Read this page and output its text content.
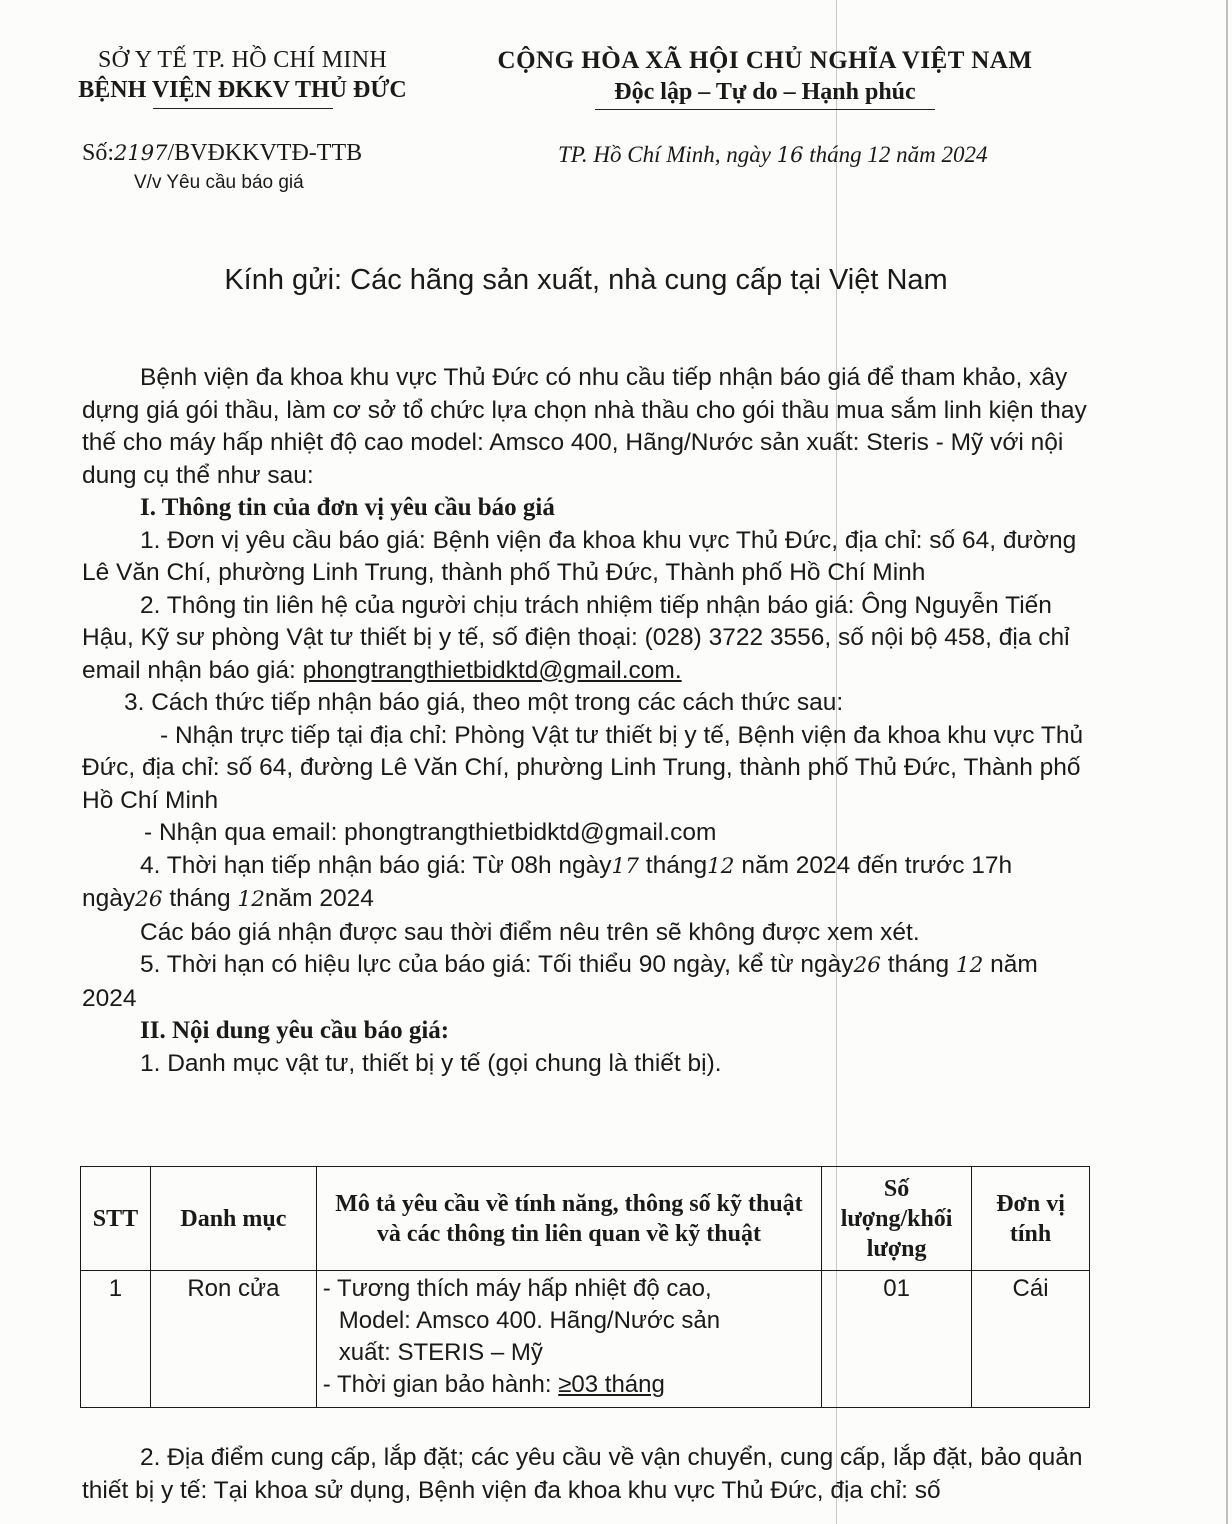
SỞ Y TẾ TP. HỒ CHÍ MINH
BỆNH VIỆN ĐKKV THỦ ĐỨC
CỘNG HÒA XÃ HỘI CHỦ NGHĨA VIỆT NAM
Độc lập – Tự do – Hạnh phúc
Số:2197/BVĐKKVTĐ-TTB
V/v Yêu cầu báo giá
TP. Hồ Chí Minh, ngày 16 tháng 12 năm 2024
Kính gửi: Các hãng sản xuất, nhà cung cấp tại Việt Nam

Bệnh viện đa khoa khu vực Thủ Đức có nhu cầu tiếp nhận báo giá để tham khảo, xây dựng giá gói thầu, làm cơ sở tổ chức lựa chọn nhà thầu cho gói thầu mua sắm linh kiện thay thế cho máy hấp nhiệt độ cao model: Amsco 400, Hãng/Nước sản xuất: Steris - Mỹ với nội dung cụ thể như sau:

I. Thông tin của đơn vị yêu cầu báo giá

1. Đơn vị yêu cầu báo giá: Bệnh viện đa khoa khu vực Thủ Đức, địa chỉ: số 64, đường Lê Văn Chí, phường Linh Trung, thành phố Thủ Đức, Thành phố Hồ Chí Minh

2. Thông tin liên hệ của người chịu trách nhiệm tiếp nhận báo giá: Ông Nguyễn Tiến Hậu, Kỹ sư phòng Vật tư thiết bị y tế, số điện thoại: (028) 3722 3556, số nội bộ 458, địa chỉ email nhận báo giá: phongtrangthietbidktd@gmail.com.

3. Cách thức tiếp nhận báo giá, theo một trong các cách thức sau:

- Nhận trực tiếp tại địa chỉ: Phòng Vật tư thiết bị y tế, Bệnh viện đa khoa khu vực Thủ Đức, địa chỉ: số 64, đường Lê Văn Chí, phường Linh Trung, thành phố Thủ Đức, Thành phố Hồ Chí Minh

- Nhận qua email: phongtrangthietbidktd@gmail.com

4. Thời hạn tiếp nhận báo giá: Từ 08h ngày17 tháng12 năm 2024 đến trước 17h ngày26 tháng 12năm 2024

Các báo giá nhận được sau thời điểm nêu trên sẽ không được xem xét.

5. Thời hạn có hiệu lực của báo giá: Tối thiểu 90 ngày, kể từ ngày26 tháng 12 năm 2024

II. Nội dung yêu cầu báo giá:

1. Danh mục vật tư, thiết bị y tế (gọi chung là thiết bị).

STT	Danh mục	Mô tả yêu cầu về tính năng, thông số kỹ thuật và các thông tin liên quan về kỹ thuật	Số lượng/khối lượng	Đơn vị tính
1	Ron cửa	- Tương thích máy hấp nhiệt độ cao,
Model: Amsco 400. Hãng/Nước sản
xuất: STERIS – Mỹ
- Thời gian bảo hành: ≥03 tháng	01	Cái

2. Địa điểm cung cấp, lắp đặt; các yêu cầu về vận chuyển, cung cấp, lắp đặt, bảo quản thiết bị y tế: Tại khoa sử dụng, Bệnh viện đa khoa khu vực Thủ Đức, địa chỉ: số
